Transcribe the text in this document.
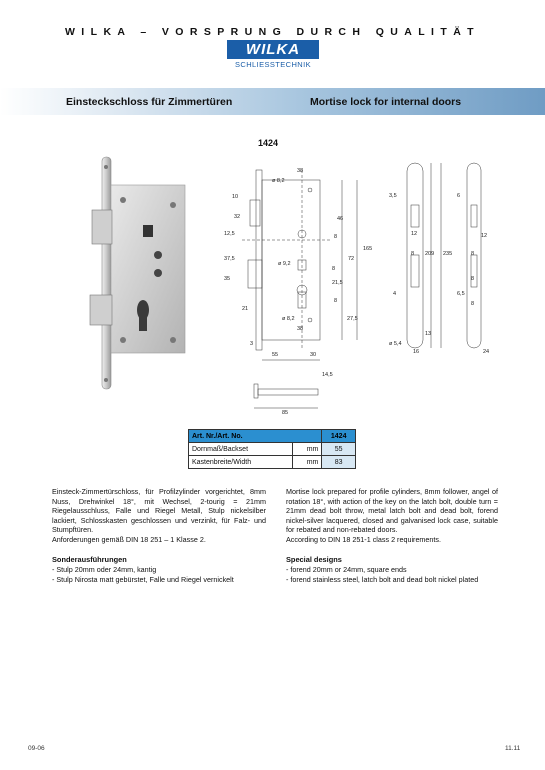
WILKA – VORSPRUNG DURCH QUALITÄT
WILKA
SCHLIESSTECHNIK
Einsteckschloss für Zimmertüren	Mortise lock for internal doors
1424
38
ø 8,2
10
32
12,5
46
8
37,5	72
165
8
ø 9,2
21,5
35
8
27,5
21
ø 8,2
38
3
55	30
3,5
8
12
4
209 235
6,5
8
13
ø 5,4
16
6
12
8
8
24
14,5
85
Art. Nr./Art. No.		1424
Dornmaß/Backset	mm	55
Kastenbreite/Width	mm	83
Einsteck-Zimmertürschloss, für Profilzylinder vorgerichtet, 8mm Nuss, Drehwinkel 18°, mit Wechsel, 2-tourig = 21mm Riegelausschluss, Falle und Riegel Metall, Stulp nickelsilber lackiert, Schlosskasten geschlossen und verzinkt, für Falz- und Stumpftüren.
Anforderungen gemäß DIN 18 251 – 1 Klasse 2.
Sonderausführungen
- Stulp 20mm oder 24mm, kantig
- Stulp Nirosta matt gebürstet, Falle und Riegel vernickelt
Mortise lock prepared for profile cylinders, 8mm follower, angel of rotation 18°, with action of the key on the latch bolt, double turn = 21mm dead bolt throw, metal latch bolt and dead bolt, forend nickel-silver lacquered, closed and galvanised lock case, suitable for rebated and non-rebated doors.
According to DIN 18 251-1 class 2 requirements.
Special designs
- forend 20mm or 24mm, square ends
- forend stainless steel, latch bolt and dead bolt nickel plated
09-06	11.11
